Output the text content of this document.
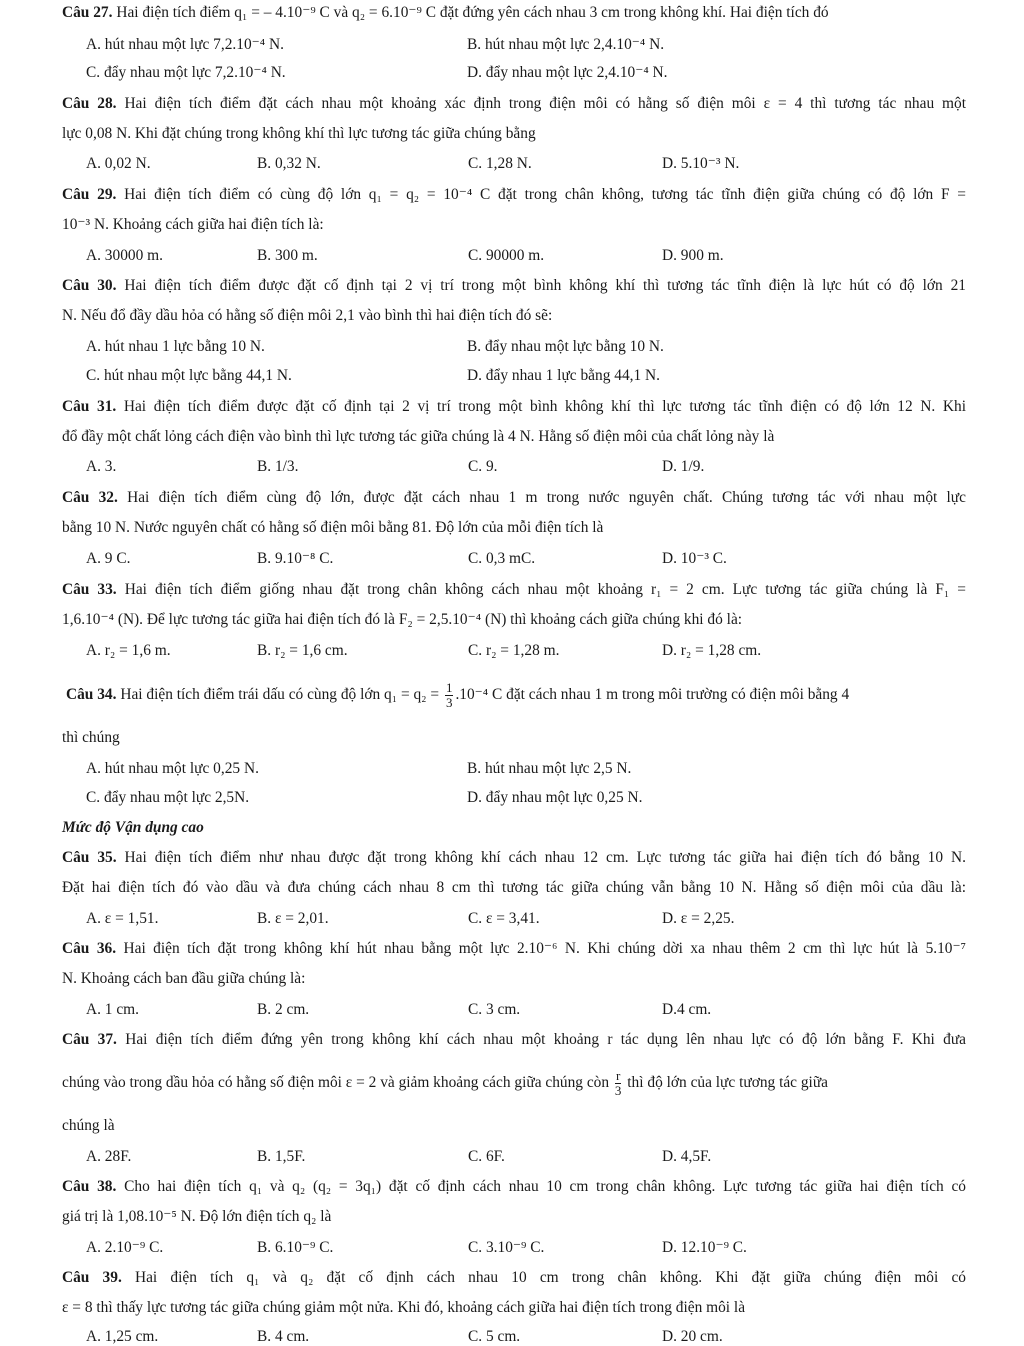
Câu 27. Hai điện tích điểm q₁ = – 4.10⁻⁹ C và q₂ = 6.10⁻⁹ C đặt đứng yên cách nhau 3 cm trong không khí. Hai điện tích đó
A. hút nhau một lực 7,2.10⁻⁴ N.	B. hút nhau một lực 2,4.10⁻⁴ N.
C. đẩy nhau một lực 7,2.10⁻⁴ N.	D. đẩy nhau một lực 2,4.10⁻⁴ N.
Câu 28. Hai điện tích điểm đặt cách nhau một khoảng xác định trong điện môi có hằng số điện môi ε = 4 thì tương tác nhau một
lực 0,08 N. Khi đặt chúng trong không khí thì lực tương tác giữa chúng bằng
A. 0,02 N.	B. 0,32 N.	C. 1,28 N.	D. 5.10⁻³ N.
Câu 29. Hai điện tích điểm có cùng độ lớn q₁ = q₂ = 10⁻⁴ C đặt trong chân không, tương tác tĩnh điện giữa chúng có độ lớn F =
10⁻³ N. Khoảng cách giữa hai điện tích là:
A. 30000 m.	B. 300 m.	C. 90000 m.	D. 900 m.
Câu 30. Hai điện tích điểm được đặt cố định tại 2 vị trí trong một bình không khí thì tương tác tĩnh điện là lực hút có độ lớn 21
N. Nếu đổ đầy dầu hỏa có hằng số điện môi 2,1 vào bình thì hai điện tích đó sẽ:
A. hút nhau 1 lực bằng 10 N.	B. đẩy nhau một lực bằng 10 N.
C. hút nhau một lực bằng 44,1 N.	D. đẩy nhau 1 lực bằng 44,1 N.
Câu 31. Hai điện tích điểm được đặt cố định tại 2 vị trí trong một bình không khí thì lực tương tác tĩnh điện có độ lớn 12 N. Khi
đổ đầy một chất lỏng cách điện vào bình thì lực tương tác giữa chúng là 4 N. Hằng số điện môi của chất lỏng này là
A. 3.	B. 1/3.	C. 9.	D. 1/9.
Câu 32. Hai điện tích điểm cùng độ lớn, được đặt cách nhau 1 m trong nước nguyên chất. Chúng tương tác với nhau một lực
bằng 10 N. Nước nguyên chất có hằng số điện môi bằng 81. Độ lớn của mỗi điện tích là
A. 9 C.	B. 9.10⁻⁸ C.	C. 0,3 mC.	D. 10⁻³ C.
Câu 33. Hai điện tích điểm giống nhau đặt trong chân không cách nhau một khoảng r₁ = 2 cm. Lực tương tác giữa chúng là F₁ =
1,6.10⁻⁴ (N). Để lực tương tác giữa hai điện tích đó là F₂ = 2,5.10⁻⁴ (N) thì khoảng cách giữa chúng khi đó là:
A. r₂ = 1,6 m.	B. r₂ = 1,6 cm.	C. r₂ = 1,28 m.	D. r₂ = 1,28 cm.
Câu 34. Hai điện tích điểm trái dấu có cùng độ lớn $q_1 = q_2 = \frac{1}{3} .10^{-4}$ C đặt cách nhau 1 m trong môi trường có điện môi bằng 4
thì chúng
A. hút nhau một lực 0,25 N.	B. hút nhau một lực 2,5 N.
C. đẩy nhau một lực 2,5N.	D. đẩy nhau một lực 0,25 N.
Mức độ Vận dụng cao
Câu 35. Hai điện tích điểm như nhau được đặt trong không khí cách nhau 12 cm. Lực tương tác giữa hai điện tích đó bằng 10 N.
Đặt hai điện tích đó vào dầu và đưa chúng cách nhau 8 cm thì tương tác giữa chúng vẫn bằng 10 N. Hằng số điện môi của dầu là:
A. ε = 1,51.	B. ε = 2,01.	C. ε = 3,41.	D. ε = 2,25.
Câu 36. Hai điện tích đặt trong không khí hút nhau bằng một lực 2.10⁻⁶ N. Khi chúng dời xa nhau thêm 2 cm thì lực hút là 5.10⁻⁷
N. Khoảng cách ban đầu giữa chúng là:
A. 1 cm.	B. 2 cm.	C. 3 cm.	D.4 cm.
Câu 37. Hai điện tích điểm đứng yên trong không khí cách nhau một khoảng r tác dụng lên nhau lực có độ lớn bằng F. Khi đưa
chúng vào trong dầu hỏa có hằng số điện môi ε = 2 và giảm khoảng cách giữa chúng còn $\frac{r}{3}$ thì độ lớn của lực tương tác giữa
chúng là
A. 28F.	B. 1,5F.	C. 6F.	D. 4,5F.
Câu 38. Cho hai điện tích q₁ và q₂ (q₂ = 3q₁) đặt cố định cách nhau 10 cm trong chân không. Lực tương tác giữa hai điện tích có
giá trị là 1,08.10⁻⁵ N. Độ lớn điện tích q₂ là
A. 2.10⁻⁹ C.	B. 6.10⁻⁹ C.	C. 3.10⁻⁹ C.	D. 12.10⁻⁹ C.
Câu 39. Hai điện tích q₁ và q₂ đặt cố định cách nhau 10 cm trong chân không. Khi đặt giữa chúng điện môi có
ε = 8 thì thấy lực tương tác giữa chúng giảm một nửa. Khi đó, khoảng cách giữa hai điện tích trong điện môi là
A. 1,25 cm.	B. 4 cm.	C. 5 cm.	D. 20 cm.
